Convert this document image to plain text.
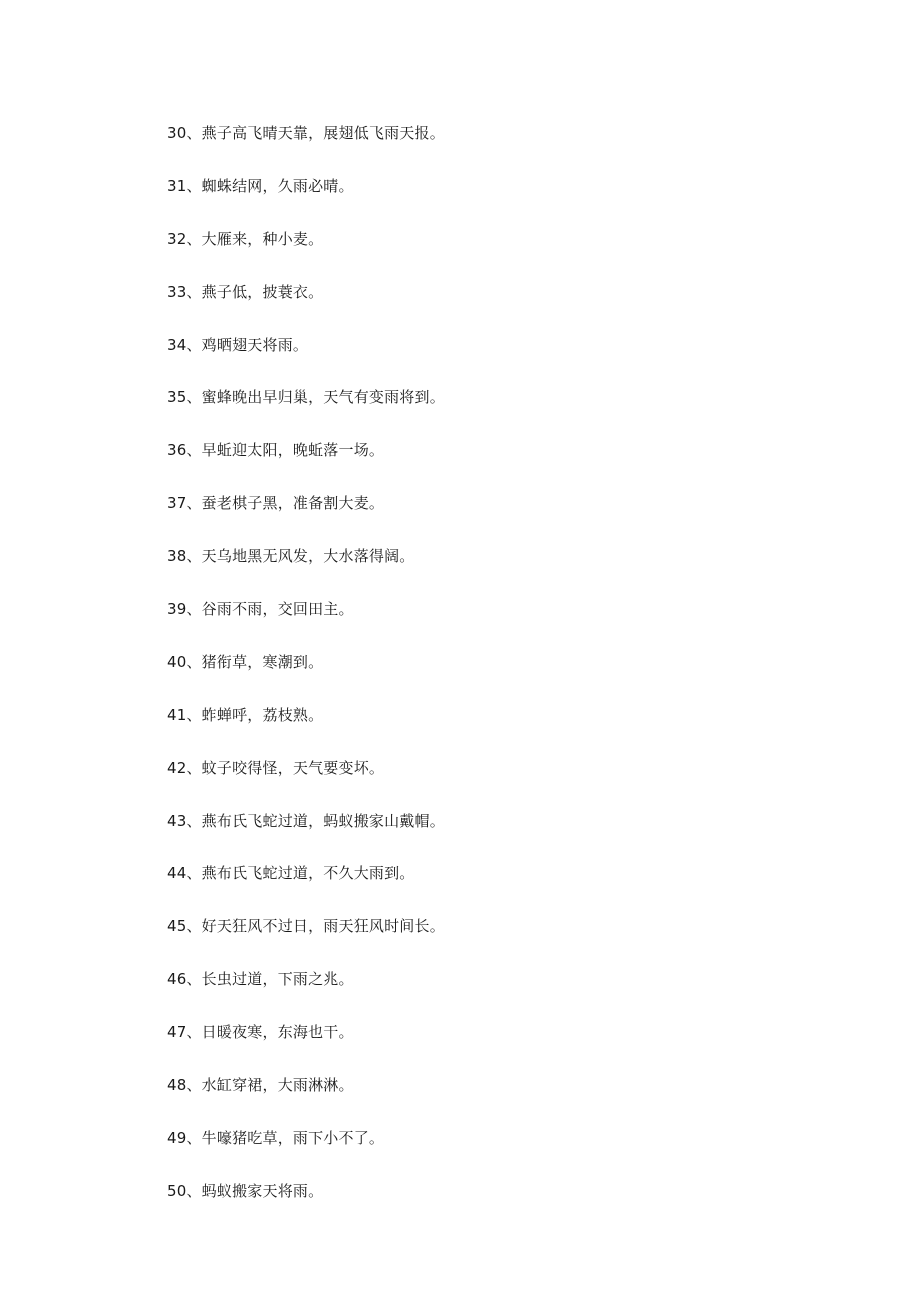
30、燕子高飞晴天靠，展翅低飞雨天报。
31、蜘蛛结网，久雨必晴。
32、大雁来，种小麦。
33、燕子低，披蓑衣。
34、鸡晒翅天将雨。
35、蜜蜂晚出早归巢，天气有变雨将到。
36、早蚯迎太阳，晚蚯落一场。
37、蚕老棋子黑，准备割大麦。
38、天乌地黑无风发，大水落得阔。
39、谷雨不雨，交回田主。
40、猪衔草，寒潮到。
41、蚱蝉呼，荔枝熟。
42、蚊子咬得怪，天气要变坏。
43、燕布氏飞蛇过道，蚂蚁搬家山戴帽。
44、燕布氏飞蛇过道，不久大雨到。
45、好天狂风不过日，雨天狂风时间长。
46、长虫过道，下雨之兆。
47、日暖夜寒，东海也干。
48、水缸穿裙，大雨淋淋。
49、牛嚎猪吃草，雨下小不了。
50、蚂蚁搬家天将雨。
